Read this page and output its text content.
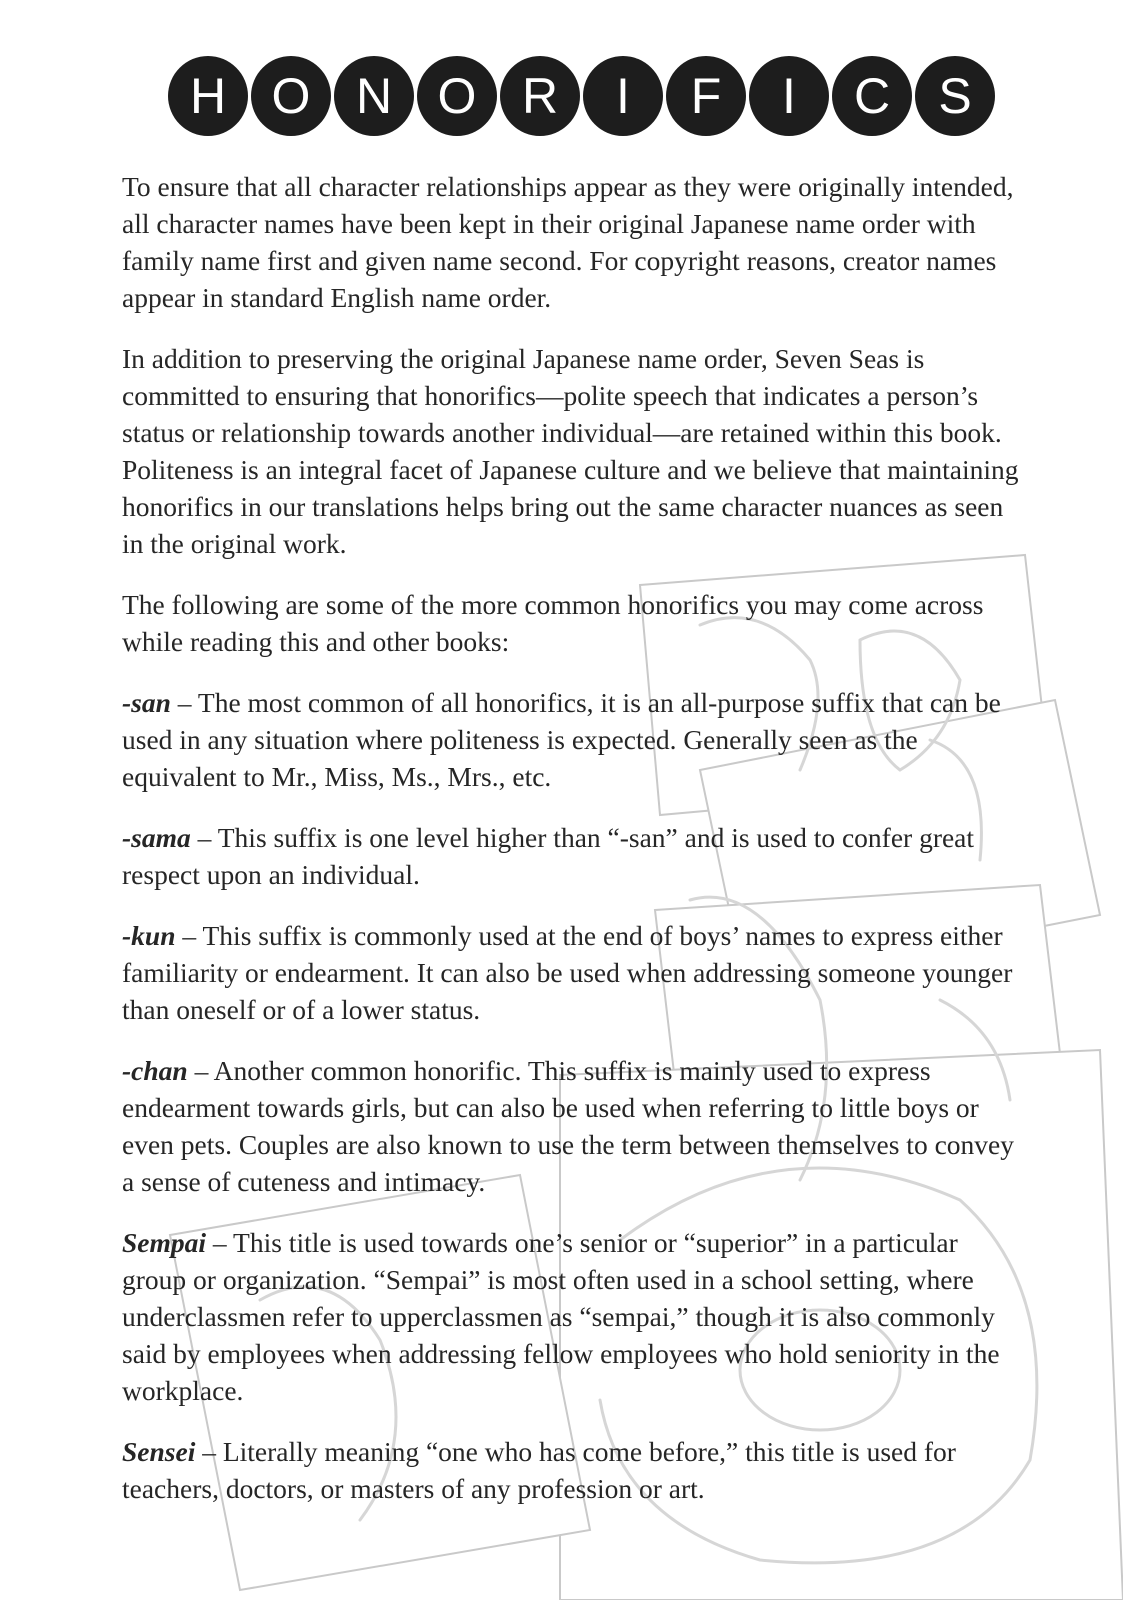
H O N O R	I	F	I	C S

To ensure that all character relationships appear as they were originally intended, all character names have been kept in their original Japanese name order with family name first and given name second. For copyright reasons, creator names appear in standard English name order.

In addition to preserving the original Japanese name order, Seven Seas is committed to ensuring that honorifics—polite speech that indicates a person’s status or relationship towards another individual—are retained within this book. Politeness is an integral facet of Japanese culture and we believe that maintaining honorifics in our translations helps bring out the same character nuances as seen in the original work.

The following are some of the more common honorifics you may come across while reading this and other books:

-san – The most common of all honorifics, it is an all-purpose suffix that can be used in any situation where politeness is expected. Generally seen as the equivalent to Mr., Miss, Ms., Mrs., etc.

-sama – This suffix is one level higher than “-san” and is used to confer great respect upon an individual.

-kun – This suffix is commonly used at the end of boys’ names to express either familiarity or endearment. It can also be used when addressing someone younger than oneself or of a lower status.

-chan – Another common honorific. This suffix is mainly used to express endearment towards girls, but can also be used when referring to little boys or even pets. Couples are also known to use the term between themselves to convey a sense of cuteness and intimacy.

Sempai – This title is used towards one’s senior or “superior” in a particular group or organization. “Sempai” is most often used in a school setting, where underclassmen refer to upperclassmen as “sempai,” though it is also commonly said by employees when addressing fellow employees who hold seniority in the workplace.

Sensei – Literally meaning “one who has come before,” this title is used for teachers, doctors, or masters of any profession or art.
